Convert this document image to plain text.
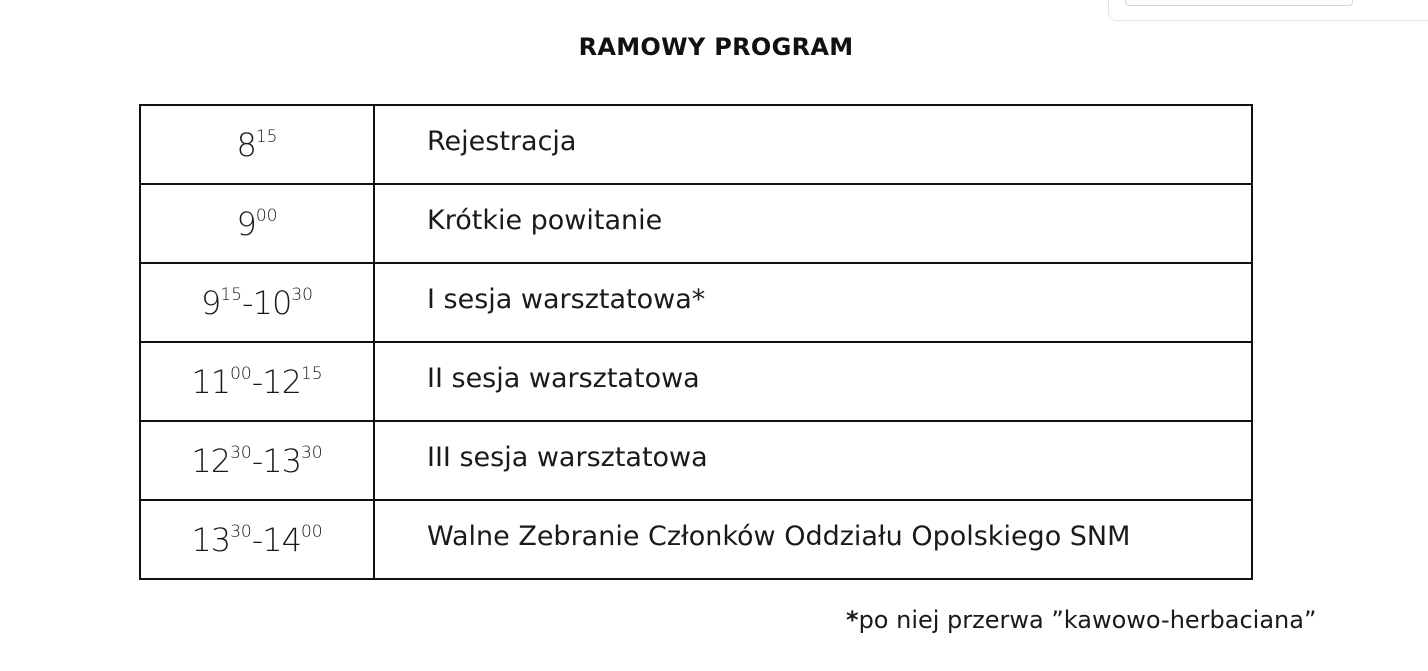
RAMOWY PROGRAM
$8^{15}$	Rejestracja
$9^{00}$	Krótkie powitanie
$9^{15}-10^{30}$	I sesja warsztatowa*
$11^{00}-12^{15}$	II sesja warsztatowa
$12^{30}-13^{30}$	III sesja warsztatowa
$13^{30}-14^{00}$	Walne Zebranie Członków Oddziału Opolskiego SNM
*po niej przerwa ”kawowo-herbaciana”
